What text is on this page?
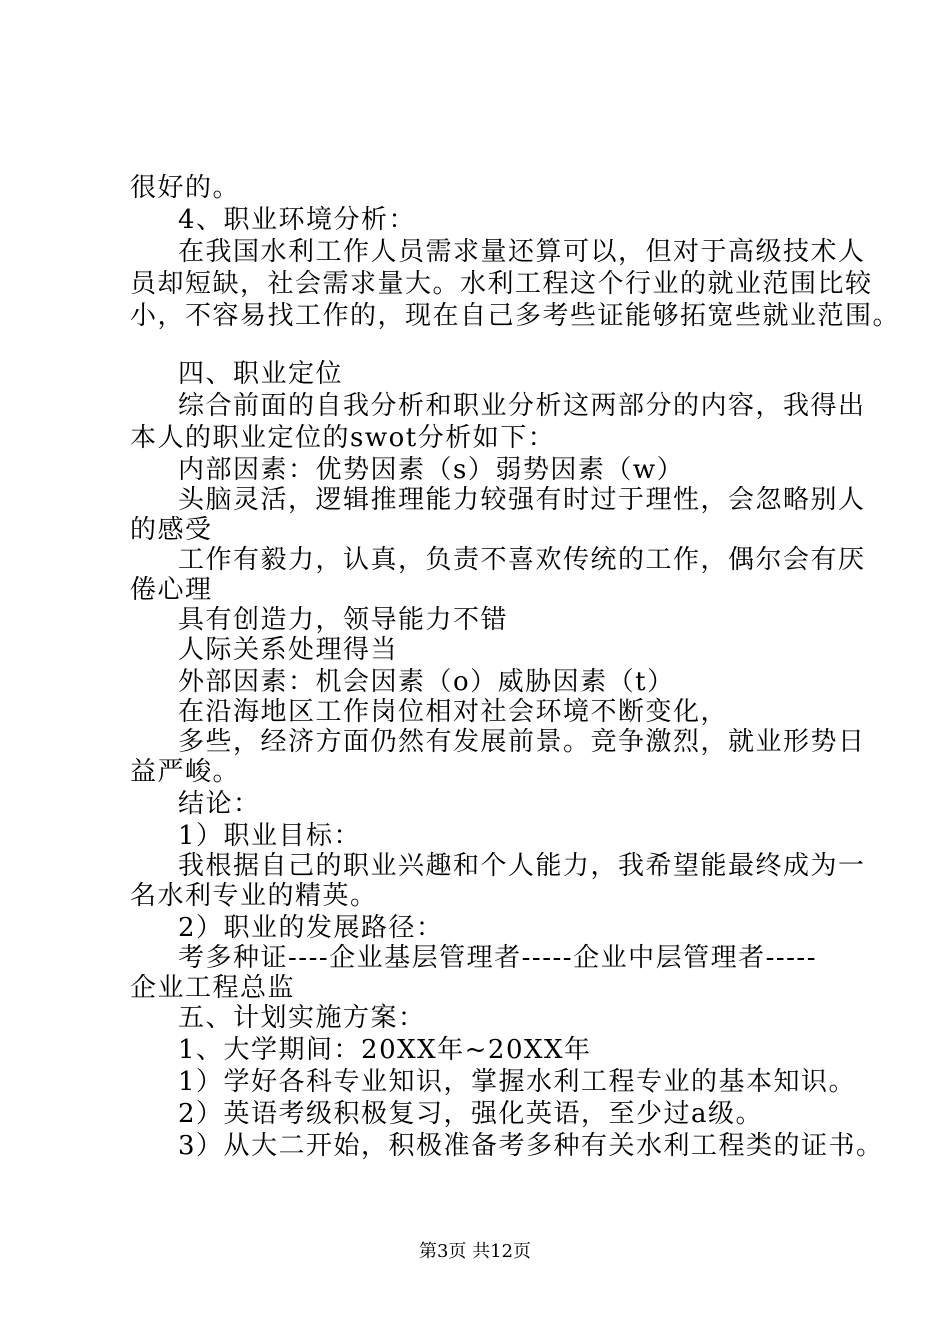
很好的。
4、职业环境分析：
在我国水利工作人员需求量还算可以，但对于高级技术人
员却短缺，社会需求量大。水利工程这个行业的就业范围比较
小，不容易找工作的，现在自己多考些证能够拓宽些就业范围。
四、职业定位
综合前面的自我分析和职业分析这两部分的内容，我得出
本人的职业定位的swot分析如下：
内部因素：优势因素（s）弱势因素（w）
头脑灵活，逻辑推理能力较强有时过于理性，会忽略别人
的感受
工作有毅力，认真，负责不喜欢传统的工作，偶尔会有厌
倦心理
具有创造力，领导能力不错
人际关系处理得当
外部因素：机会因素（o）威胁因素（t）
在沿海地区工作岗位相对社会环境不断变化，
多些，经济方面仍然有发展前景。竞争激烈，就业形势日
益严峻。
结论：
1）职业目标：
我根据自己的职业兴趣和个人能力，我希望能最终成为一
名水利专业的精英。
2）职业的发展路径：
考多种证----企业基层管理者-----企业中层管理者-----
企业工程总监
五、计划实施方案：
1、大学期间：20XX年~20XX年
1）学好各科专业知识，掌握水利工程专业的基本知识。
2）英语考级积极复习，强化英语，至少过a级。
3）从大二开始，积极准备考多种有关水利工程类的证书。
第3页 共12页
